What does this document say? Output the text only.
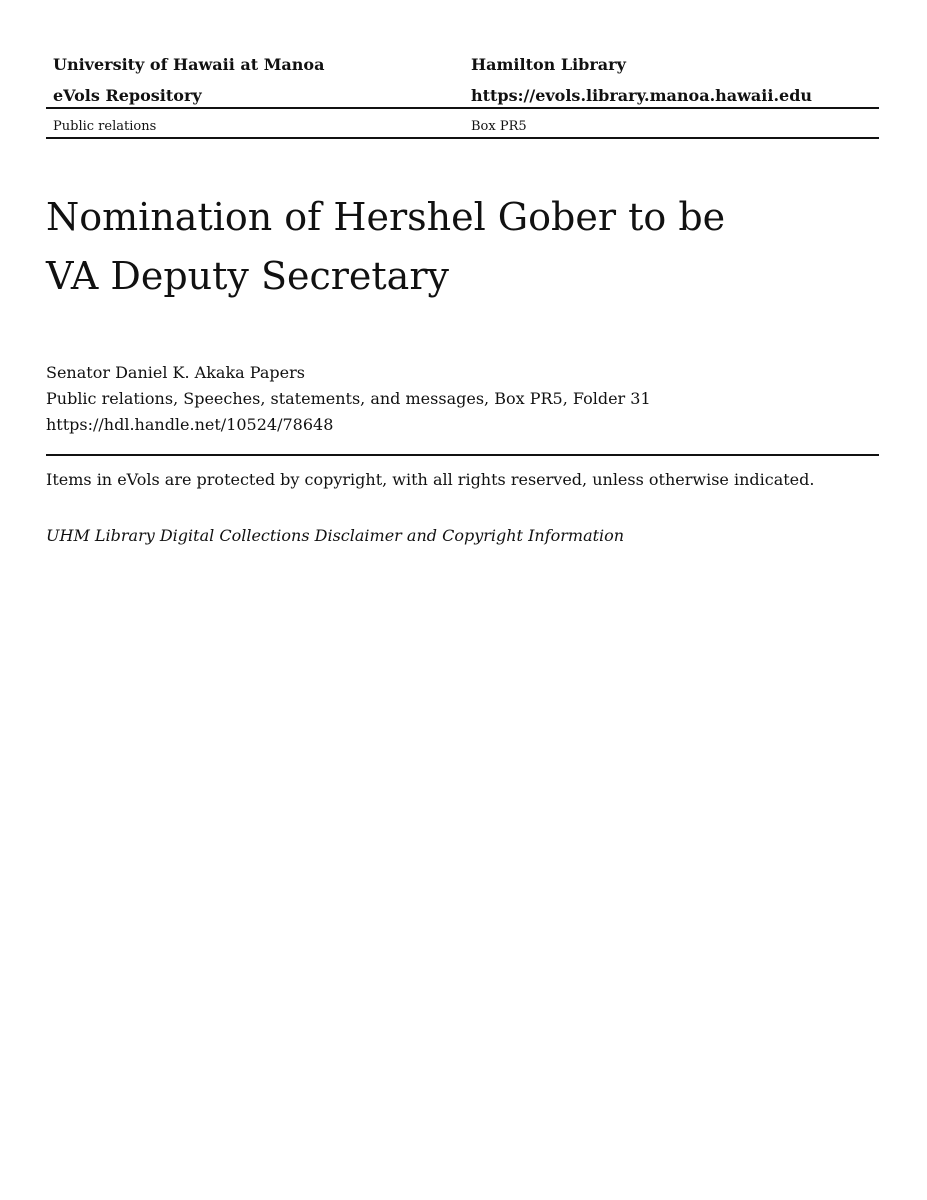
University of Hawaii at Manoa	Hamilton Library
eVols Repository	https://evols.library.manoa.hawaii.edu
Public relations	Box PR5
Nomination of Hershel Gober to be
VA Deputy Secretary
Senator Daniel K. Akaka Papers
Public relations, Speeches, statements, and messages, Box PR5, Folder 31
https://hdl.handle.net/10524/78648
Items in eVols are protected by copyright, with all rights reserved, unless otherwise indicated.
UHM Library Digital Collections Disclaimer and Copyright Information
